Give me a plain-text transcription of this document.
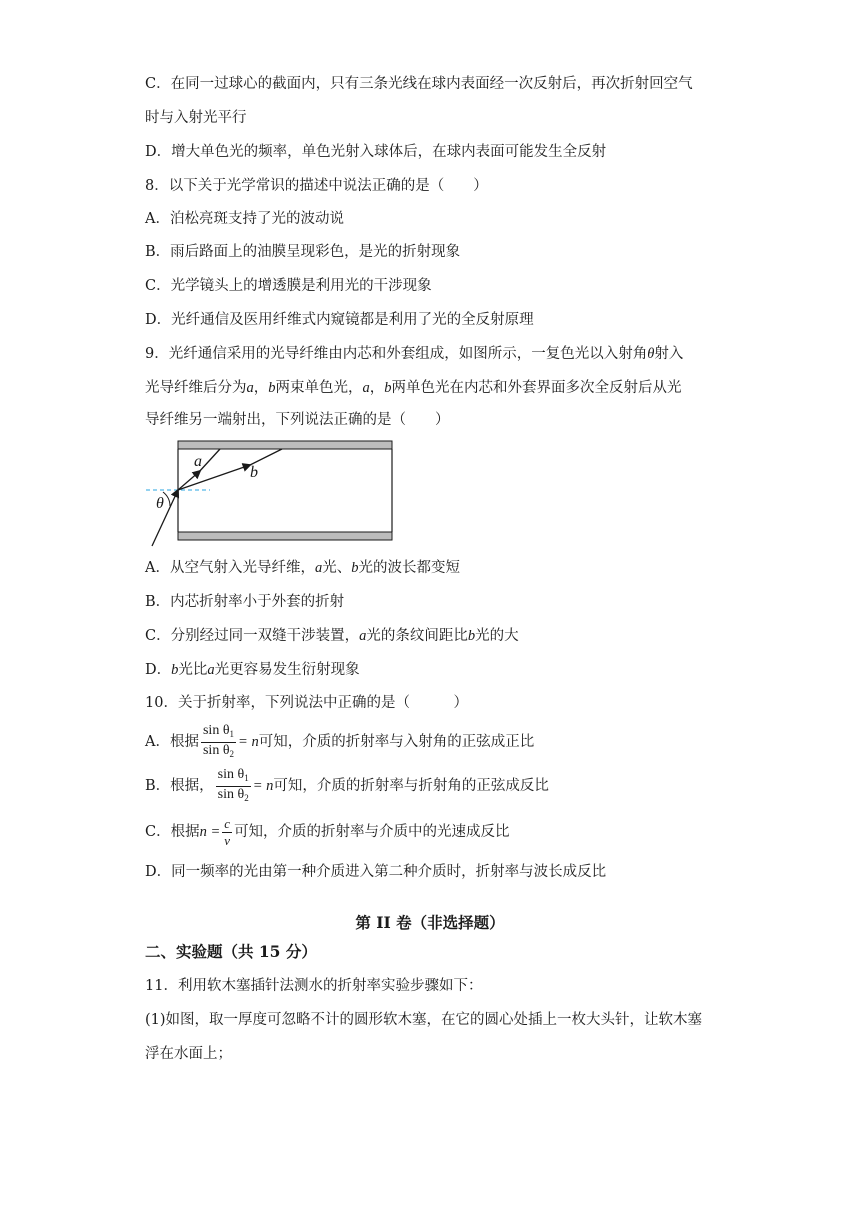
C．在同一过球心的截面内，只有三条光线在球内表面经一次反射后，再次折射回空气
时与入射光平行
D．增大单色光的频率，单色光射入球体后，在球内表面可能发生全反射
8．以下关于光学常识的描述中说法正确的是（　　）
A．泊松亮斑支持了光的波动说
B．雨后路面上的油膜呈现彩色，是光的折射现象
C．光学镜头上的增透膜是利用光的干涉现象
D．光纤通信及医用纤维式内窥镜都是利用了光的全反射原理
9．光纤通信采用的光导纤维由内芯和外套组成，如图所示，一复色光以入射角θ射入
光导纤维后分为a，b两束单色光，a，b两单色光在内芯和外套界面多次全反射后从光
导纤维另一端射出，下列说法正确的是（　　）
a
b
θ
A．从空气射入光导纤维，a光、b光的波长都变短
B．内芯折射率小于外套的折射
C．分别经过同一双缝干涉装置，a光的条纹间距比b光的大
D．b光比a光更容易发生衍射现象
10．关于折射率，下列说法中正确的是（　　　）
A．根据 $\frac{\sin \theta_1}{\sin \theta_2} = n$ 可知，介质的折射率与入射角的正弦成正比
B．根据， $\frac{\sin \theta_1}{\sin \theta_2} = n$ 可知，介质的折射率与折射角的正弦成反比
C．根据 $n = \frac{c}{v}$ 可知，介质的折射率与介质中的光速成反比
D．同一频率的光由第一种介质进入第二种介质时，折射率与波长成反比
第 II 卷（非选择题）
二、实验题（共 15 分）
11．利用软木塞插针法测水的折射率实验步骤如下：
(1)如图，取一厚度可忽略不计的圆形软木塞，在它的圆心处插上一枚大头针，让软木塞
浮在水面上；
